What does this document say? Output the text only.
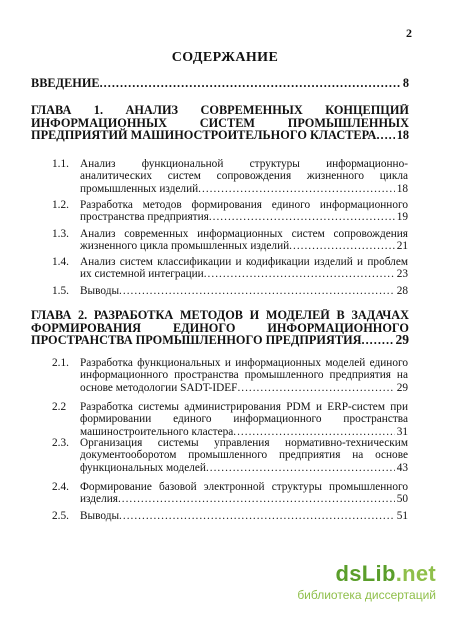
2
СОДЕРЖАНИЕ
ВВЕДЕНИЕ .....	8
ГЛАВА 1. АНАЛИЗ СОВРЕМЕННЫХ КОНЦЕПЦИЙ
ИНФОРМАЦИОННЫХ СИСТЕМ ПРОМЫШЛЕННЫХ
ПРЕДПРИЯТИЙ МАШИНОСТРОИТЕЛЬНОГО КЛАСТЕРА ..... 18
1.1. Анализ функциональной структуры информационно-
аналитических систем сопровождения жизненного цикла
промышленных изделий .....	18
1.2. Разработка методов формирования единого информационного
пространства предприятия .....	19
1.3. Анализ современных информационных систем сопровождения
жизненного цикла промышленных изделий .....	21
1.4. Анализ систем классификации и кодификации изделий и проблем
их системной интеграции .....	23
1.5. Выводы .....	28
ГЛАВА 2. РАЗРАБОТКА МЕТОДОВ И МОДЕЛЕЙ В ЗАДАЧАХ
ФОРМИРОВАНИЯ ЕДИНОГО ИНФОРМАЦИОННОГО
ПРОСТРАНСТВА ПРОМЫШЛЕННОГО ПРЕДПРИЯТИЯ .....	29
2.1. Разработка функциональных и информационных моделей единого
информационного пространства промышленного предприятия на
основе методологии SADT-IDEF .....	29
2.2 Разработка системы администрирования PDM и ERP-систем при
формировании единого информационного пространства
машиностроительного кластера .....	31
2.3. Организация системы управления нормативно-техническим
документооборотом промышленного предприятия на основе
функциональных моделей .....	43
2.4. Формирование базовой электронной структуры промышленного
изделия .....	50
2.5. Выводы .....	51
dsLib.net
библиотека диссертаций
